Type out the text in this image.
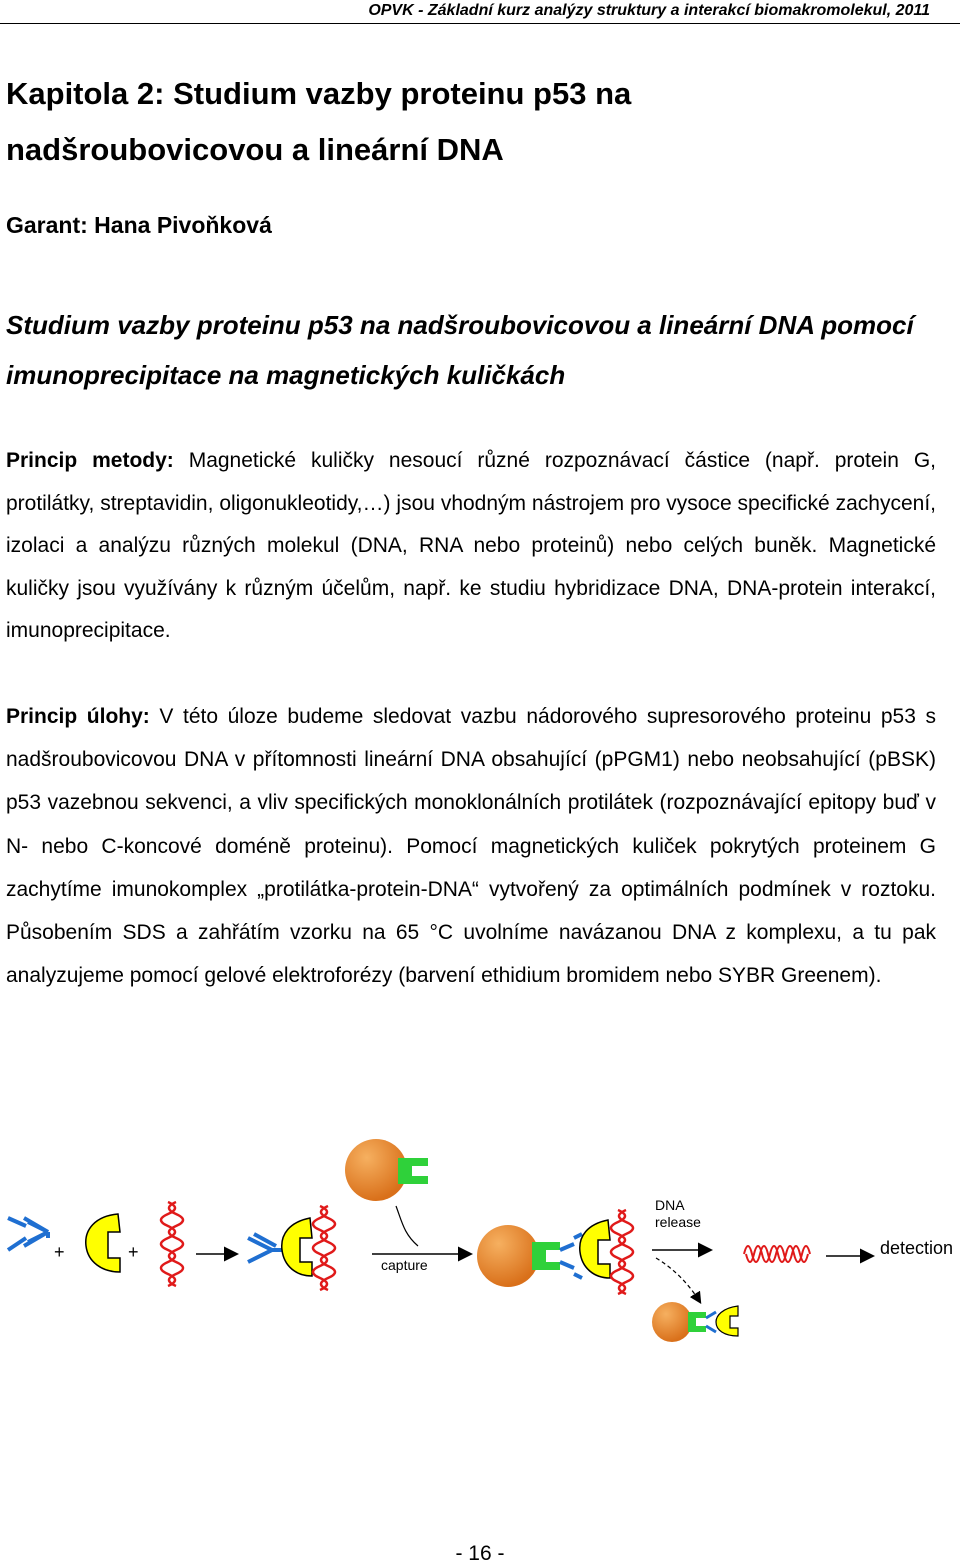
OPVK - Základní kurz analýzy struktury a interakcí biomakromolekul, 2011
Kapitola 2: Studium vazby proteinu p53 na nadšroubovicovou a lineární DNA
Garant: Hana Pivoňková
Studium vazby proteinu p53 na nadšroubovicovou a lineární DNA pomocí imunoprecipitace na magnetických kuličkách

Princip metody: Magnetické kuličky nesoucí různé rozpoznávací částice (např. protein G, protilátky, streptavidin, oligonukleotidy,…) jsou vhodným nástrojem pro vysoce specifické zachycení, izolaci a analýzu různých molekul (DNA, RNA nebo proteinů) nebo celých buněk. Magnetické kuličky jsou využívány k různým účelům, např. ke studiu hybridizace DNA, DNA-protein interakcí, imunoprecipitace.

Princip úlohy: V této úloze budeme sledovat vazbu nádorového supresorového proteinu p53 s nadšroubovicovou DNA v přítomnosti lineární DNA obsahující (pPGM1) nebo neobsahující (pBSK) p53 vazebnou sekvenci, a vliv specifických monoklonálních protilátek (rozpoznávající epitopy buď v N- nebo C-koncové doméně proteinu). Pomocí magnetických kuliček pokrytých proteinem G zachytíme imunokomplex „protilátka-protein-DNA“ vytvořený za optimálních podmínek v roztoku. Působením SDS a zahřátím vzorku na 65 °C uvolníme navázanou DNA z komplexu, a tu pak analyzujeme pomocí gelové elektroforézy (barvení ethidium bromidem nebo SYBR Greenem).

+	+
capture
DNA
release
detection
- 16 -
